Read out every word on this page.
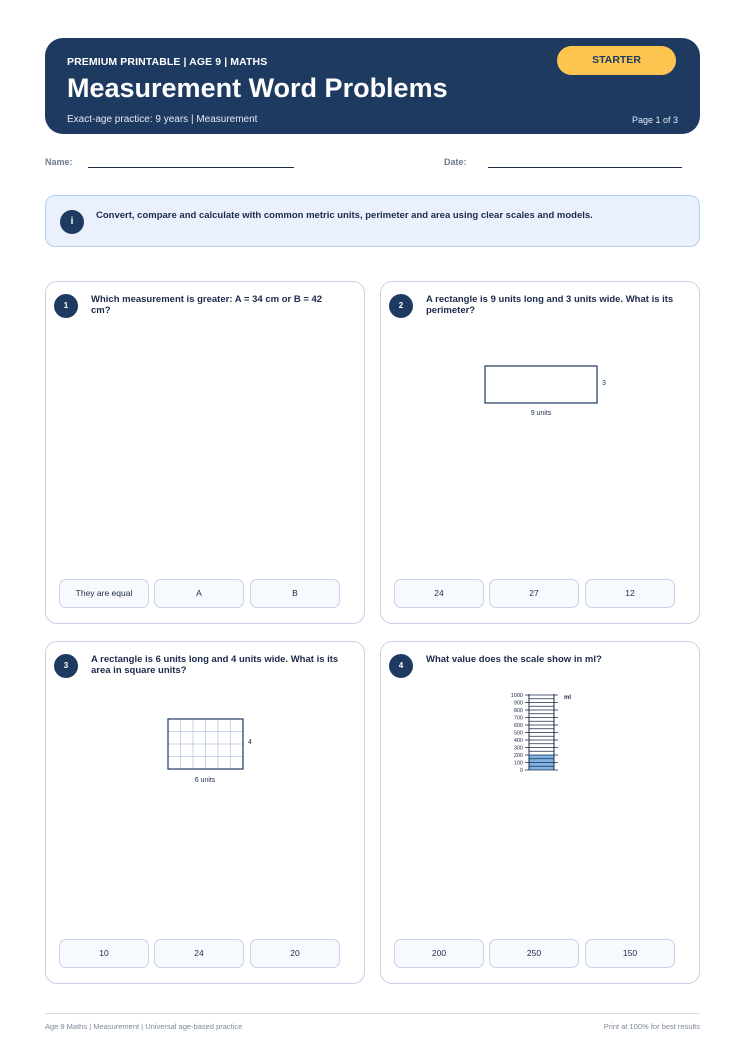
PREMIUM PRINTABLE | AGE 9 | MATHS
Measurement Word Problems
Exact-age practice: 9 years | Measurement	Page 1 of 3
STARTER
Name:	Date:
i
Convert, compare and calculate with common metric units, perimeter and area using clear scales and models.
1
Which measurement is greater: A = 34 cm or B = 42 cm?
They are equal	A	B
2
A rectangle is 9 units long and 3 units wide. What is its perimeter?
9 units
3
24	27	12
3
A rectangle is 6 units long and 4 units wide. What is its area in square units?
6 units
4
10	24	20
4
What value does the scale show in ml?
1000
900
800
700
600
500
400
300
200
100
0
ml
200	250	150
Age 9 Maths | Measurement | Universal age-based practice	Print at 100% for best results
